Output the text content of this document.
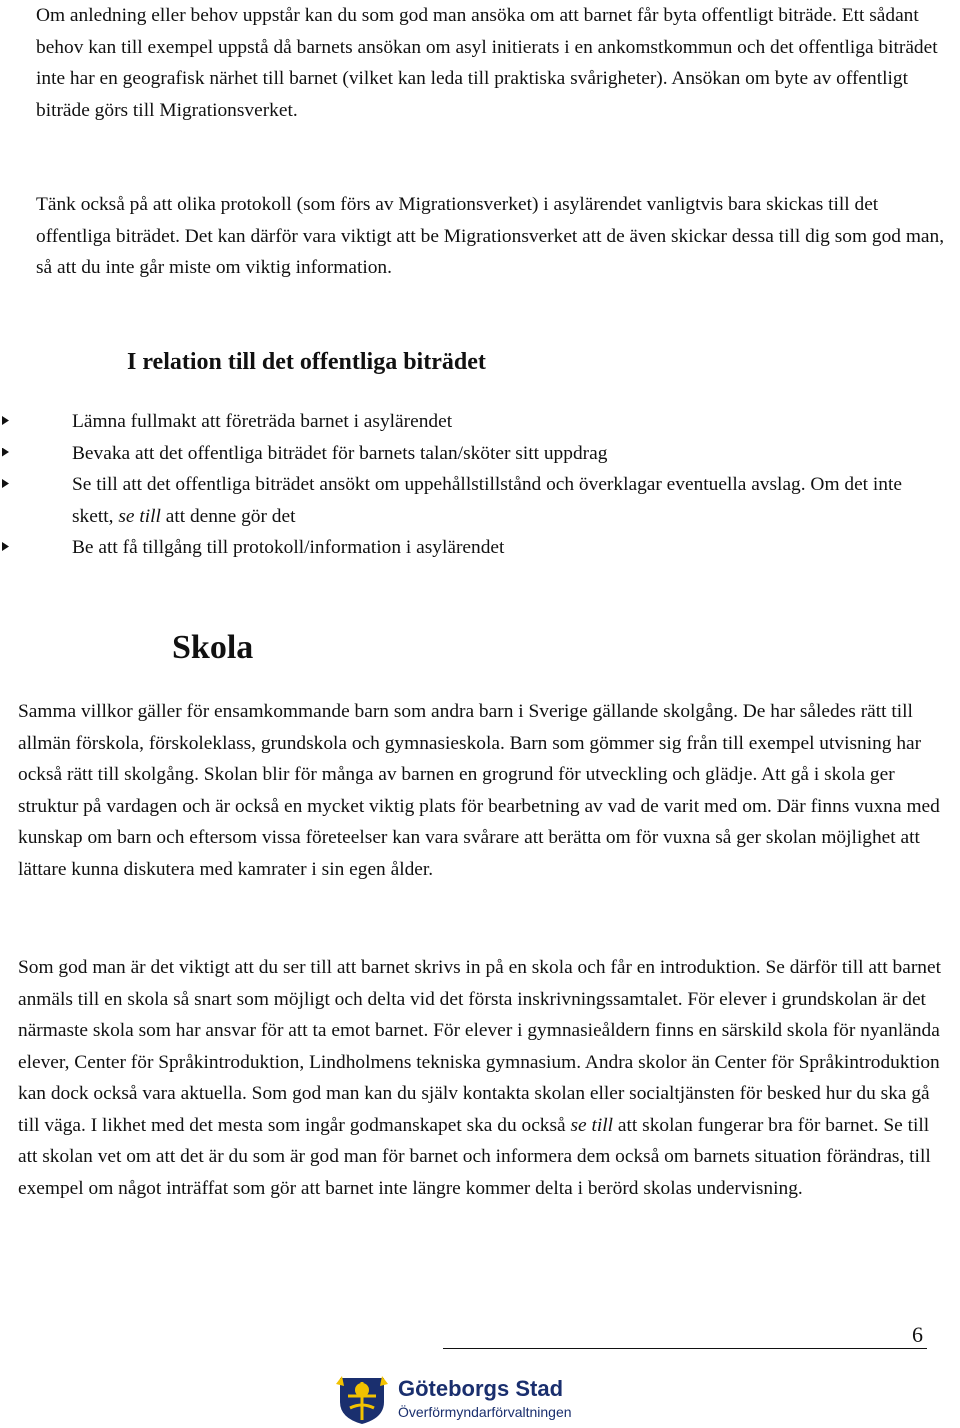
Om anledning eller behov uppstår kan du som god man ansöka om att barnet får byta offentligt biträde. Ett sådant behov kan till exempel uppstå då barnets ansökan om asyl initierats i en ankomstkommun och det offentliga biträdet inte har en geografisk närhet till barnet (vilket kan leda till praktiska svårigheter). Ansökan om byte av offentligt biträde görs till Migrationsverket.

Tänk också på att olika protokoll (som förs av Migrationsverket) i asylärendet vanligtvis bara skickas till det offentliga biträdet. Det kan därför vara viktigt att be Migrationsverket att de även skickar dessa till dig som god man, så att du inte går miste om viktig information.

I relation till det offentliga biträdet
Lämna fullmakt att företräda barnet i asylärendet
Bevaka att det offentliga biträdet för barnets talan/sköter sitt uppdrag
Se till att det offentliga biträdet ansökt om uppehållstillstånd och överklagar eventuella avslag. Om det inte skett, se till att denne gör det
Be att få tillgång till protokoll/information i asylärendet
Skola

Samma villkor gäller för ensamkommande barn som andra barn i Sverige gällande skolgång. De har således rätt till allmän förskola, förskoleklass, grundskola och gymnasieskola. Barn som gömmer sig från till exempel utvisning har också rätt till skolgång. Skolan blir för många av barnen en grogrund för utveckling och glädje. Att gå i skola ger struktur på vardagen och är också en mycket viktig plats för bearbetning av vad de varit med om. Där finns vuxna med kunskap om barn och eftersom vissa företeelser kan vara svårare att berätta om för vuxna så ger skolan möjlighet att lättare kunna diskutera med kamrater i sin egen ålder.

Som god man är det viktigt att du ser till att barnet skrivs in på en skola och får en introduktion. Se därför till att barnet anmäls till en skola så snart som möjligt och delta vid det första inskrivningssamtalet. För elever i grundskolan är det närmaste skola som har ansvar för att ta emot barnet. För elever i gymnasieåldern finns en särskild skola för nyanlända elever, Center för Språkintroduktion, Lindholmens tekniska gymnasium. Andra skolor än Center för Språkintroduktion kan dock också vara aktuella. Som god man kan du själv kontakta skolan eller socialtjänsten för besked hur du ska gå till väga. I likhet med det mesta som ingår godmanskapet ska du också se till att skolan fungerar bra för barnet. Se till att skolan vet om att det är du som är god man för barnet och informera dem också om barnets situation förändras, till exempel om något inträffat som gör att barnet inte längre kommer delta i berörd skolas undervisning.

6
Göteborgs Stad
Överförmyndarförvaltningen
